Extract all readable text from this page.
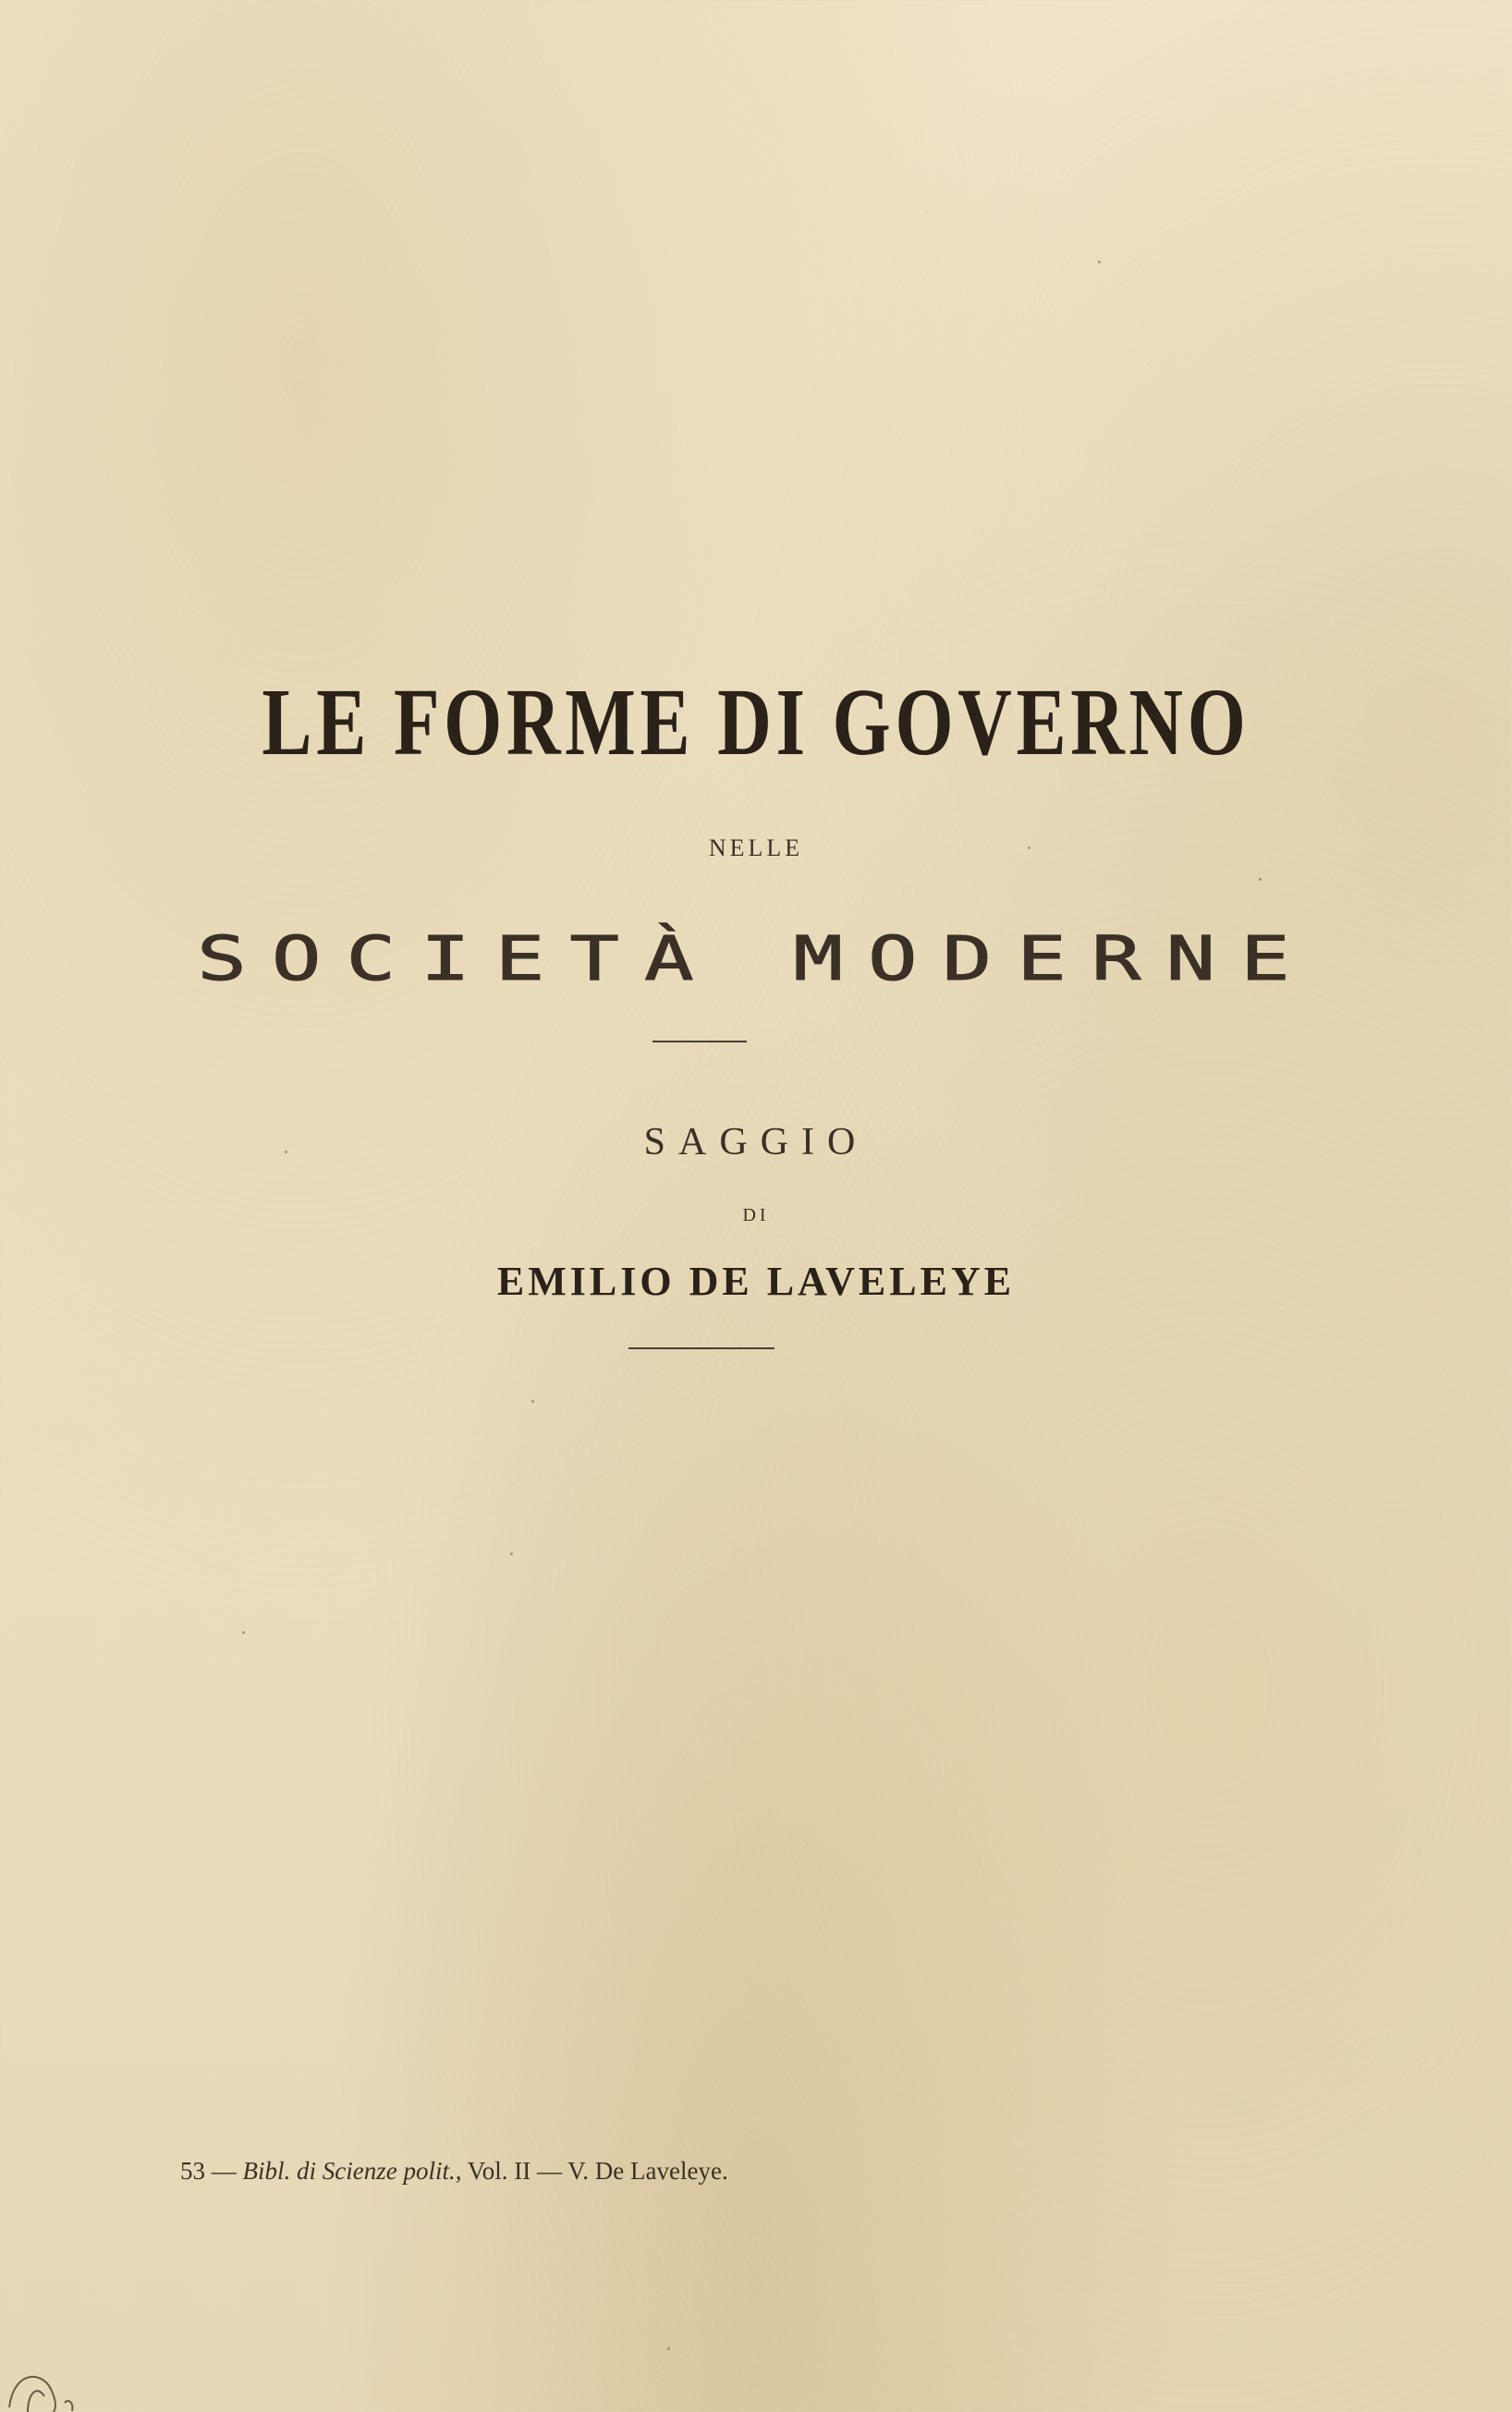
LE FORME DI GOVERNO
NELLE
SOCIETÀ MODERNE
SAGGIO
DI
EMILIO DE LAVELEYE
53 — Bibl. di Scienze polit., Vol. II — V. De Laveleye.
